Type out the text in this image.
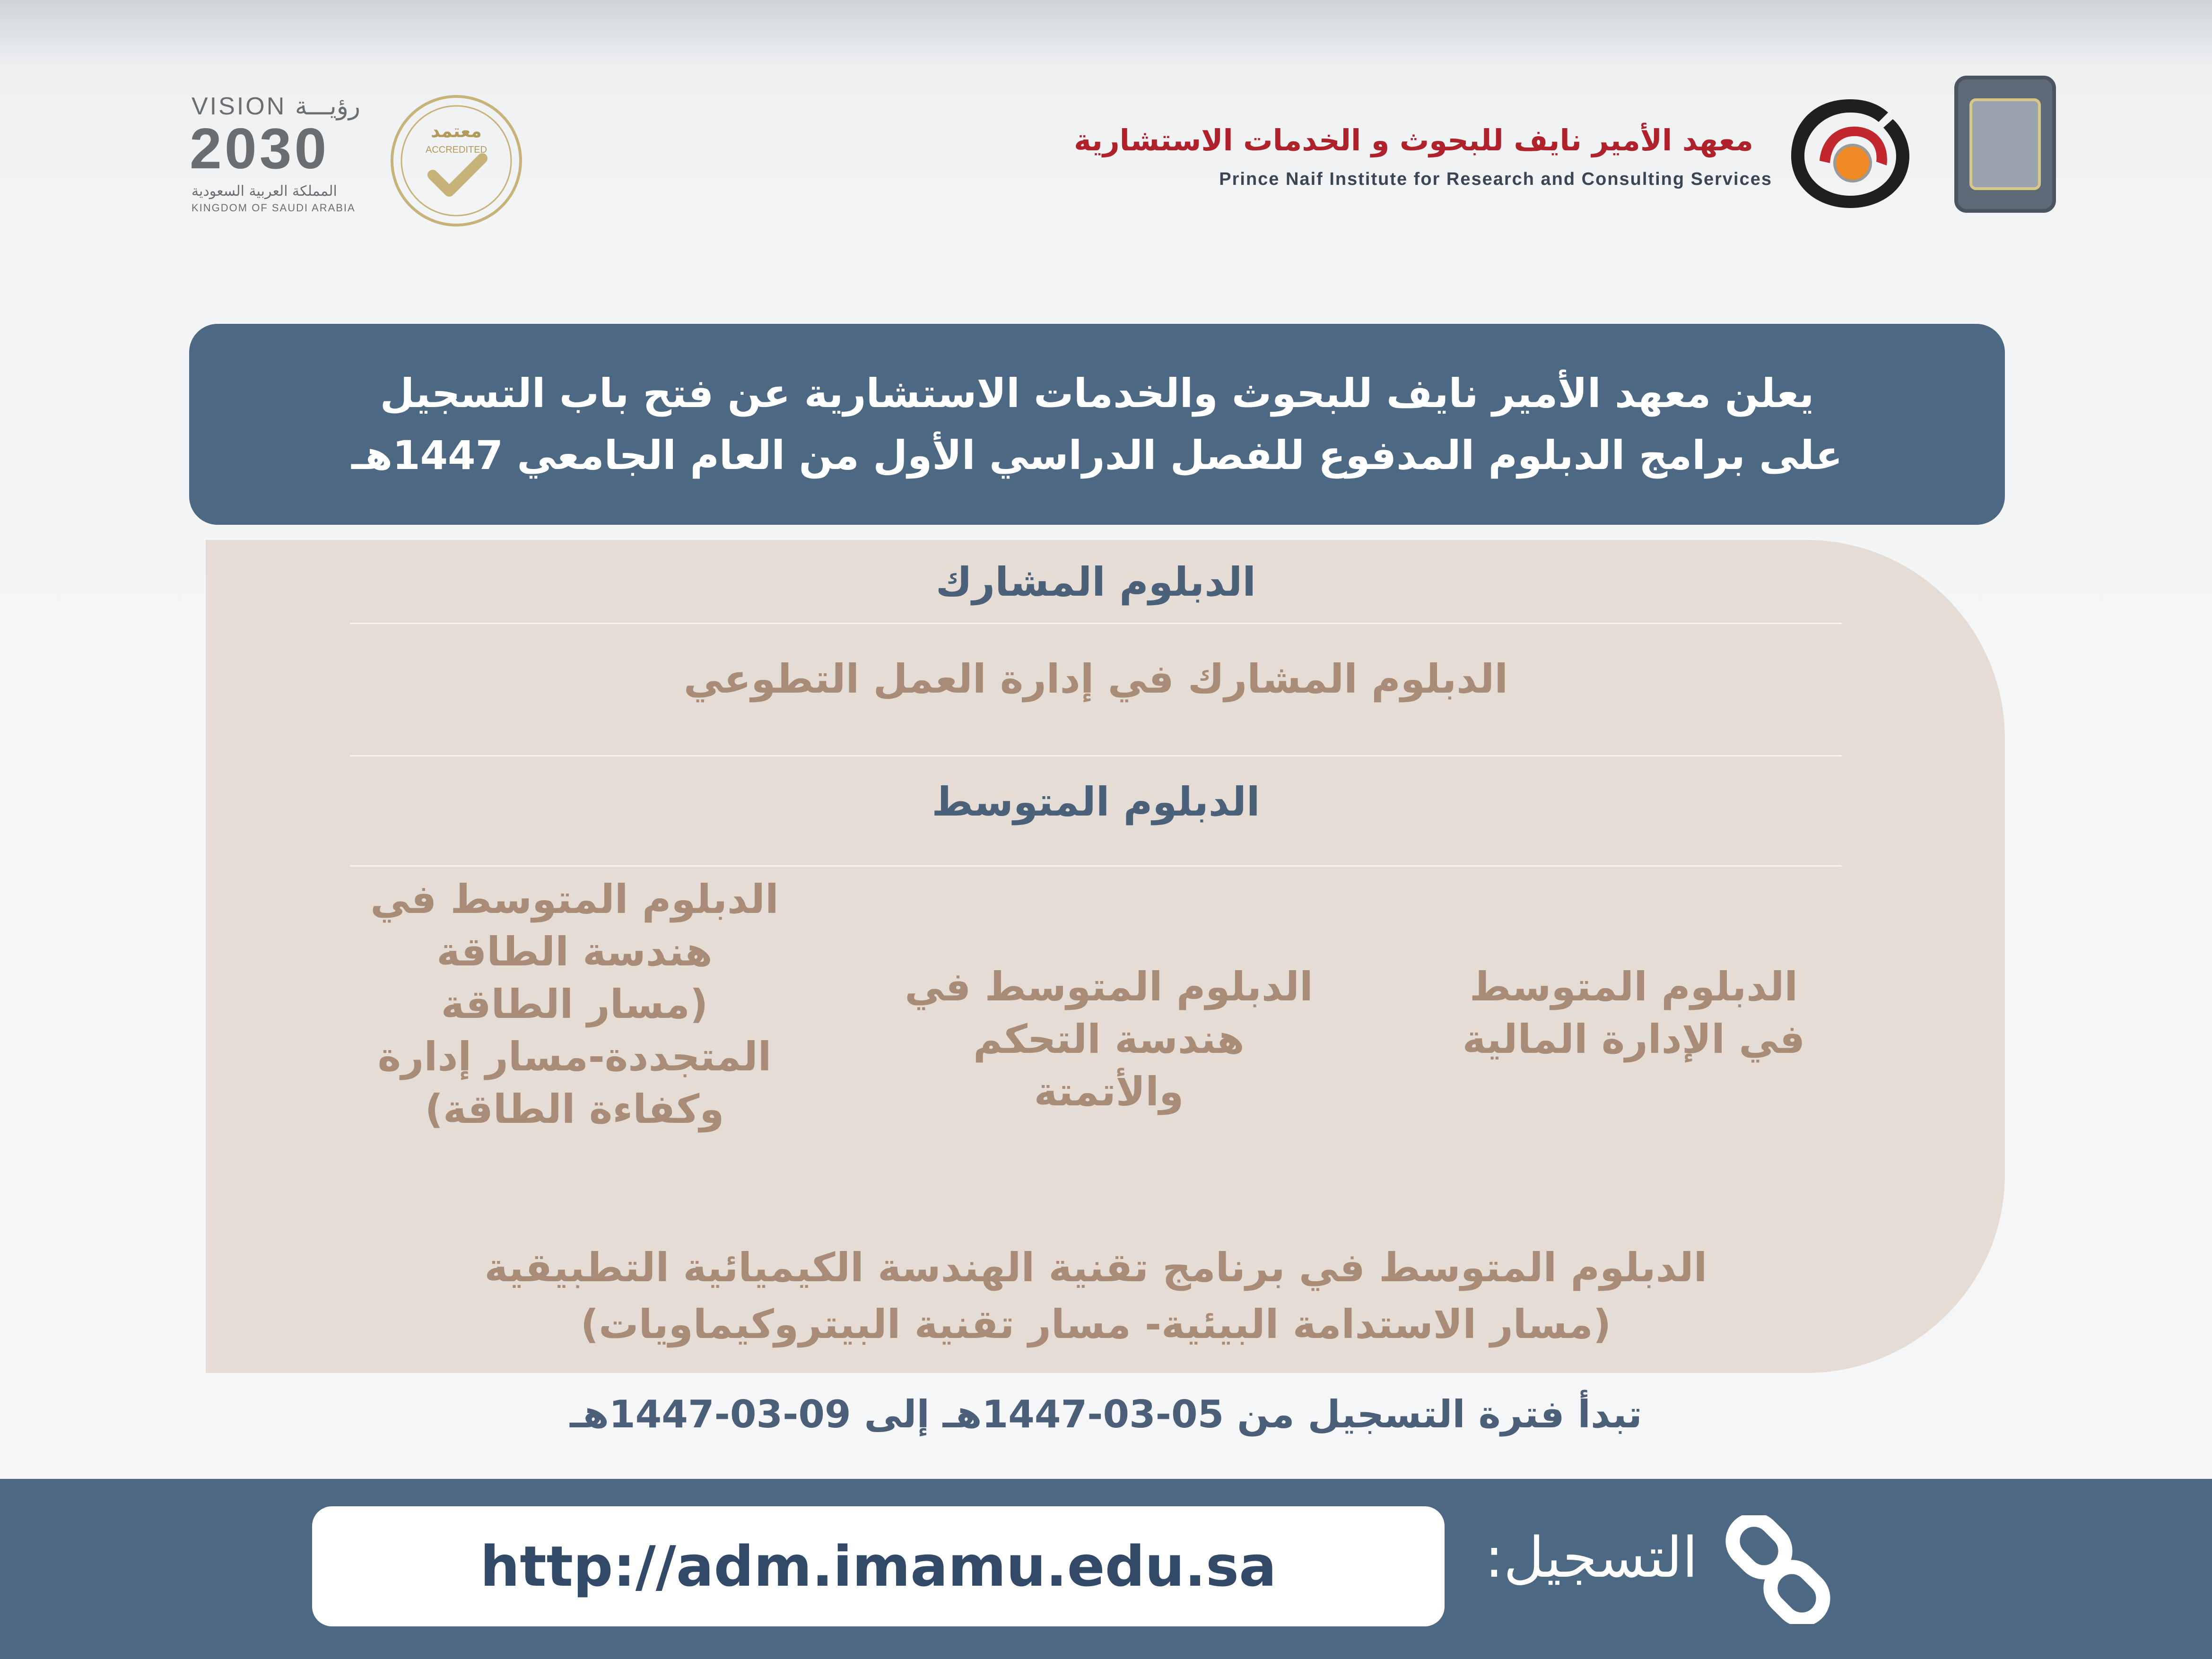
معهد الأمير نايف للبحوث و الخدمات الاستشارية
Prince Naif Institute for Research and Consulting Services
معتمد
ACCREDITED
VISION رؤيـــة
2030
المملكة العربية السعودية
KINGDOM OF SAUDI ARABIA
يعلن معهد الأمير نايف للبحوث والخدمات الاستشارية عن فتح باب التسجيل
على برامج الدبلوم المدفوع للفصل الدراسي الأول من العام الجامعي 1447هـ
الدبلوم المشارك
الدبلوم المشارك في إدارة العمل التطوعي
الدبلوم المتوسط
الدبلوم المتوسط
في الإدارة المالية
الدبلوم المتوسط في
هندسة التحكم
والأتمتة
الدبلوم المتوسط في
هندسة الطاقة
(مسار الطاقة
المتجددة-مسار إدارة
وكفاءة الطاقة)
الدبلوم المتوسط في برنامج تقنية الهندسة الكيميائية التطبيقية
(مسار الاستدامة البيئية- مسار تقنية البيتروكيماويات)
تبدأ فترة التسجيل من 05-03-1447هـ إلى 09-03-1447هـ
http://adm.imamu.edu.sa	التسجيل:
